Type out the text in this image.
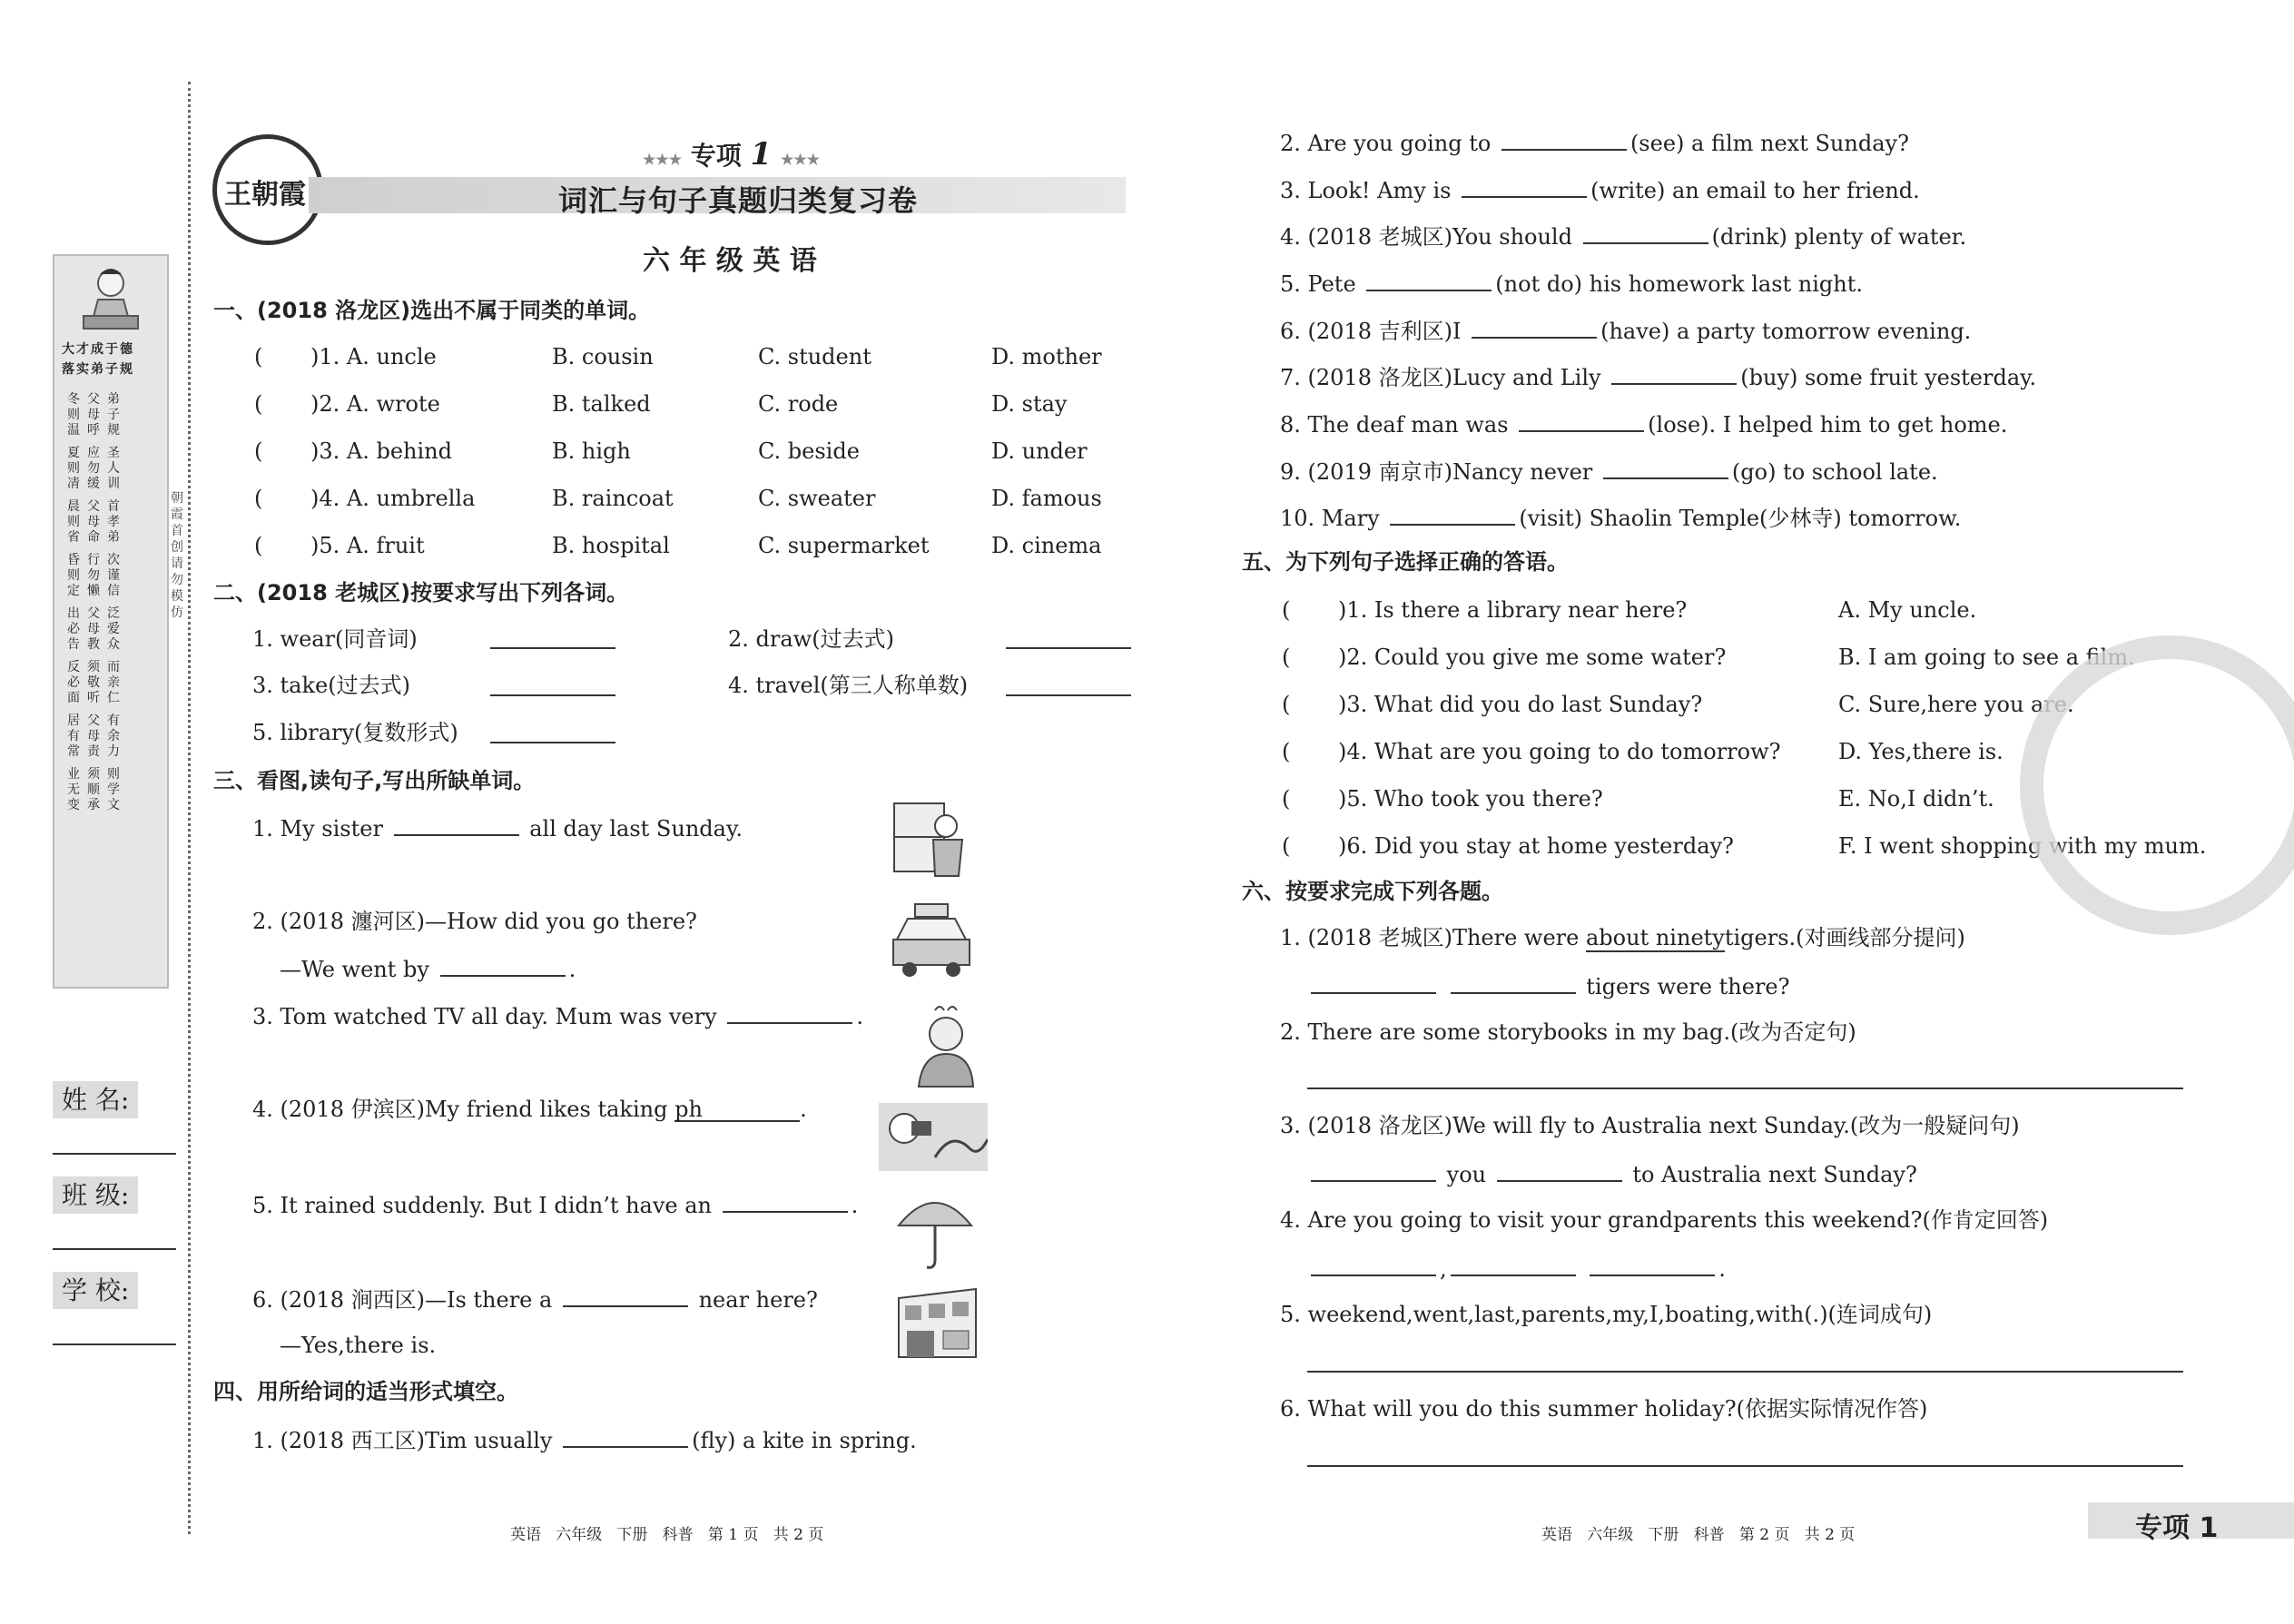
大才成于德
落实弟子规
冬则温
父母呼
弟子规
夏则凊
应勿缓
圣人训
晨则省
父母命
首孝弟
昏则定
行勿懒
次谨信
出必告
父母教
泛爱众
反必面
须敬听
而亲仁
居有常
父母责
有余力
业无变
须顺承
则学文
朝霞首创 请勿模仿
姓 名:
班 级:
学 校:
王朝霞
★★★ 专项 1 ★★★
词汇与句子真题归类复习卷
六 年 级 英 语
一、(2018 洛龙区)选出不属于同类的单词。
( )1. A. uncle	B. cousin	C. student	D. mother
( )2. A. wrote	B. talked	C. rode	D. stay
( )3. A. behind	B. high	C. beside	D. under
( )4. A. umbrella	B. raincoat	C. sweater	D. famous
( )5. A. fruit	B. hospital	C. supermarket	D. cinema
二、(2018 老城区)按要求写出下列各词。
1. wear(同音词)	2. draw(过去式)
3. take(过去式)	4. travel(第三人称单数)
5. library(复数形式)
三、看图,读句子,写出所缺单词。
1. My sister	all day last Sunday.
2. (2018 瀍河区)—How did you go there?
—We went by	.
3. Tom watched TV all day. Mum was very	.
4. (2018 伊滨区)My friend likes taking ph	.
5. It rained suddenly. But I didn’t have an	.
6. (2018 涧西区)—Is there a	near here?
—Yes,there is.
四、用所给词的适当形式填空。
1. (2018 西工区)Tim usually	(fly) a kite in spring.
2. Are you going to	(see) a film next Sunday?
3. Look! Amy is	(write) an email to her friend.
4. (2018 老城区)You should	(drink) plenty of water.
5. Pete	(not do) his homework last night.
6. (2018 吉利区)I	(have) a party tomorrow evening.
7. (2018 洛龙区)Lucy and Lily	(buy) some fruit yesterday.
8. The deaf man was	(lose). I helped him to get home.
9. (2019 南京市)Nancy never	(go) to school late.
10. Mary	(visit) Shaolin Temple(少林寺) tomorrow.
五、为下列句子选择正确的答语。
( )1. Is there a library near here?	A. My uncle.
( )2. Could you give me some water?	B. I am going to see a film.
( )3. What did you do last Sunday?	C. Sure,here you are.
( )4. What are you going to do tomorrow?	D. Yes,there is.
( )5. Who took you there?	E. No,I didn’t.
( )6. Did you stay at home yesterday?	F. I went shopping with my mum.
六、按要求完成下列各题。
1. (2018 老城区)There were about ninetytigers.(对画线部分提问)
tigers were there?
2. There are some storybooks in my bag.(改为否定句)
3. (2018 洛龙区)We will fly to Australia next Sunday.(改为一般疑问句)
you	to Australia next Sunday?
4. Are you going to visit your grandparents this weekend?(作肯定回答)
,	.
5. weekend,went,last,parents,my,I,boating,with(.)(连词成句)
6. What will you do this summer holiday?(依据实际情况作答)
英语   六年级   下册   科普   第 1 页   共 2 页	英语   六年级   下册   科普   第 2 页   共 2 页	专项 1
